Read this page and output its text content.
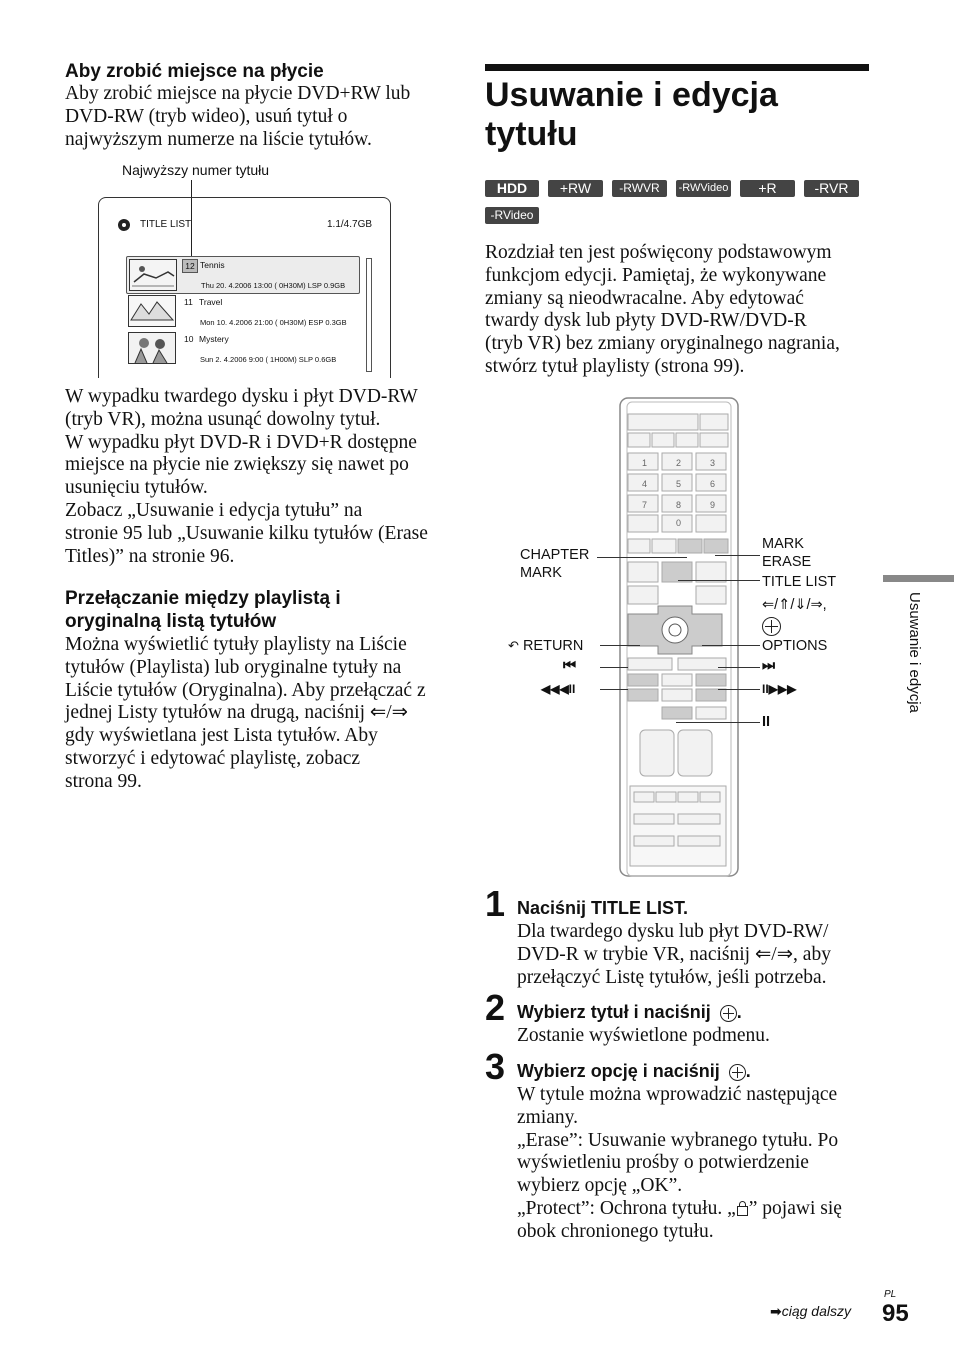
Aby zrobić miejsce na płycie
Aby zrobić miejsce na płycie DVD+RW lub
DVD-RW (tryb wideo), usuń tytuł o
najwyższym numerze na liście tytułów.
Najwyższy numer tytułu
TITLE LIST	1.1/4.7GB
12 Tennis
Thu 20. 4.2006 13:00 ( 0H30M) LSP 0.9GB
11 Travel
Mon 10. 4.2006 21:00 ( 0H30M) ESP 0.3GB
10 Mystery
Sun 2. 4.2006 9:00 ( 1H00M) SLP 0.6GB
W wypadku twardego dysku i płyt DVD-RW
(tryb VR), można usunąć dowolny tytuł.
W wypadku płyt DVD-R i DVD+R dostępne
miejsce na płycie nie zwiększy się nawet po
usunięciu tytułów.
Zobacz „Usuwanie i edycja tytułu” na
stronie 95 lub „Usuwanie kilku tytułów (Erase
Titles)” na stronie 96.
Przełączanie między playlistą i
oryginalną listą tytułów
Można wyświetlić tytuły playlisty na Liście
tytułów (Playlista) lub oryginalne tytuły na
Liście tytułów (Oryginalna). Aby przełączać z
jednej Listy tytułów na drugą, naciśnij ⇐/⇒
gdy wyświetlana jest Lista tytułów. Aby
stworzyć i edytować playlistę, zobacz
strona 99.
Usuwanie i edycja
tytułu
HDD	+RW	-RWVR	-RWVideo	+R	-RVR
-RVideo
Rozdział ten jest poświęcony podstawowym
funkcjom edycji. Pamiętaj, że wykonywane
zmiany są nieodwracalne. Aby edytować
twardy dysk lub płyty DVD-RW/DVD-R
(tryb VR) bez zmiany oryginalnego nagrania,
stwórz tytuł playlisty (strona 99).
1	2	3
4	5	6
7	8	9
0
CHAPTER
MARK
MARK
ERASE
TITLE LIST
⇐/⇑/⇓/⇒,
↶ RETURN	OPTIONS
⏮	⏭
◀◀◀II	II▶▶▶
II
1 Naciśnij TITLE LIST.
Dla twardego dysku lub płyt DVD-RW/
DVD-R w trybie VR, naciśnij ⇐/⇒, aby
przełączyć Listę tytułów, jeśli potrzeba.
2 Wybierz tytuł i naciśnij .
Zostanie wyświetlone podmenu.
3 Wybierz opcję i naciśnij .
W tytule można wprowadzić następujące
zmiany.
„Erase”: Usuwanie wybranego tytułu. Po
wyświetleniu prośby o potwierdzenie
wybierz opcję „OK”.
„Protect”: Ochrona tytułu. „ ” pojawi się
obok chronionego tytułu.
Usuwanie i edycja
➡ciąg dalszy
PL
95
